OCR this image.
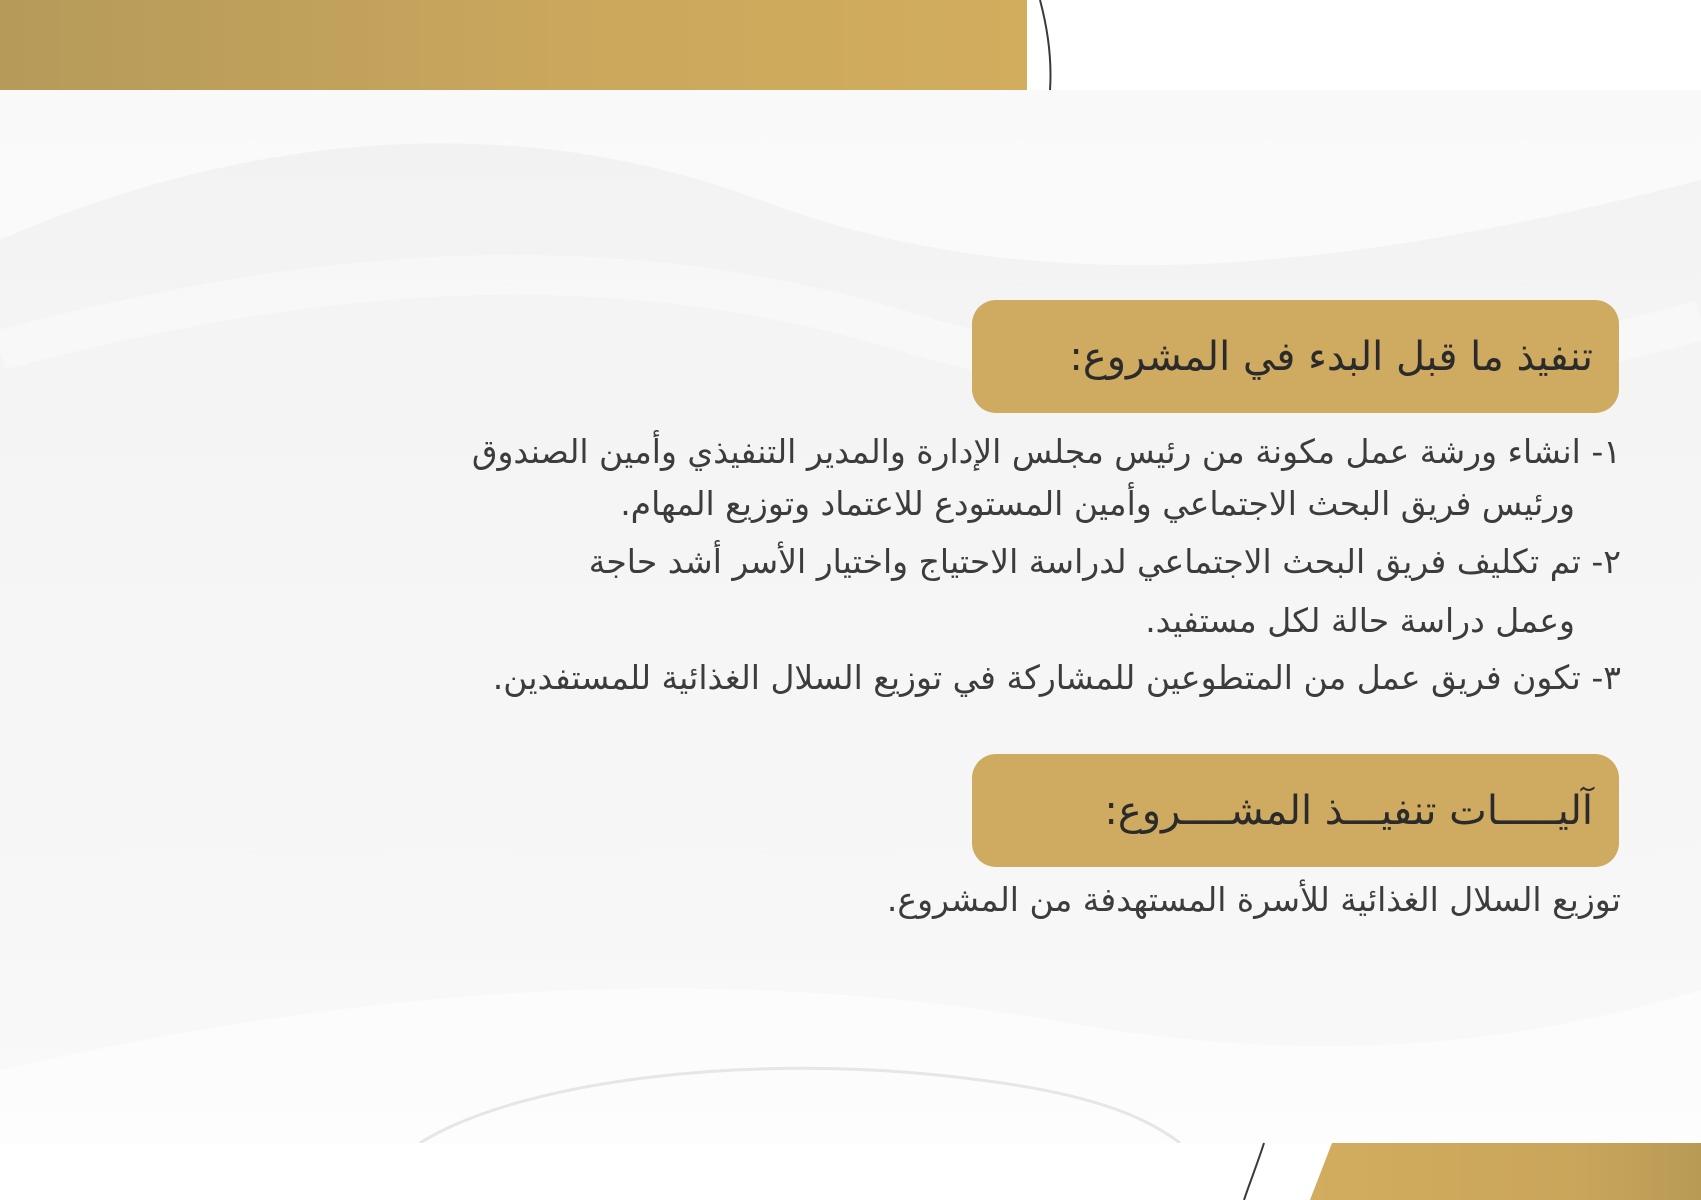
تنفيذ ما قبل البدء في المشروع:
١- انشاء ورشة عمل مكونة من رئيس مجلس الإدارة والمدير التنفيذي وأمين الصندوق
ورئيس فريق البحث الاجتماعي وأمين المستودع للاعتماد وتوزيع المهام.
٢- تم تكليف فريق البحث الاجتماعي لدراسة الاحتياج واختيار الأسر أشد حاجة
وعمل دراسة حالة لكل مستفيد.
٣- تكون فريق عمل من المتطوعين للمشاركة في توزيع السلال الغذائية للمستفدين.
آليـــــات تنفيـــذ المشــــروع:
توزيع السلال الغذائية للأسرة المستهدفة من المشروع.
